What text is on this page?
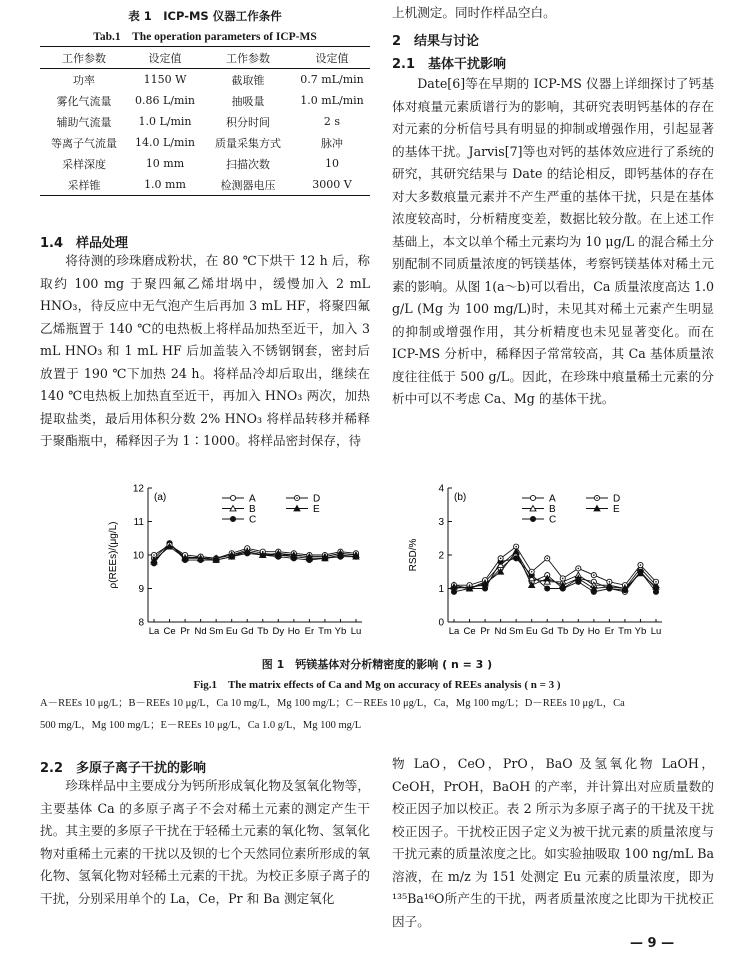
表 1　ICP-MS 仪器工作条件
Tab.1　The operation parameters of ICP-MS
工作参数	设定值	工作参数	设定值

功率	1150 W	截取锥	0.7 mL/min
雾化气流量	0.86 L/min	抽吸量	1.0 mL/min
辅助气流量	1.0 L/min	积分时间	2 s
等离子气流量	14.0 L/min	质量采集方式	脉冲
采样深度	10 mm	扫描次数	10
采样锥	1.0 mm	检测器电压	3000 V
1.4　样品处理

将待测的珍珠磨成粉状，在 80 ℃下烘干 12 h 后，称取约 100 mg 于聚四氟乙烯坩埚中，缓慢加入 2 mL HNO₃，待反应中无气泡产生后再加 3 mL HF，将聚四氟乙烯瓶置于 140 ℃的电热板上将样品加热至近干，加入 3 mL HNO₃ 和 1 mL HF 后加盖装入不锈钢钢套，密封后放置于 190 ℃下加热 24 h。将样品冷却后取出，继续在 140 ℃电热板上加热直至近干，再加入 HNO₃ 两次，加热提取盐类，最后用体积分数 2% HNO₃ 将样品转移并稀释于聚酯瓶中，稀释因子为 1∶1000。将样品密封保存，待

上机测定。同时作样品空白。
2　结果与讨论
2.1　基体干扰影响

Date[6]等在早期的 ICP-MS 仪器上详细探讨了钙基体对痕量元素质谱行为的影响，其研究表明钙基体的存在对元素的分析信号具有明显的抑制或增强作用，引起显著的基体干扰。Jarvis[7]等也对钙的基体效应进行了系统的研究，其研究结果与 Date 的结论相反，即钙基体的存在对大多数痕量元素并不产生严重的基体干扰，只是在基体浓度较高时，分析精度变差，数据比较分散。在上述工作基础上，本文以单个稀土元素均为 10 μg/L 的混合稀土分别配制不同质量浓度的钙镁基体，考察钙镁基体对稀土元素的影响。从图 1(a～b)可以看出，Ca 质量浓度高达 1.0 g/L (Mg 为 100 mg/L)时，未见其对稀土元素产生明显的抑制或增强作用，其分析精度也未见显著变化。而在 ICP-MS 分析中，稀释因子常常较高，其 Ca 基体质量浓度往往低于 500 g/L。因此，在珍珠中痕量稀土元素的分析中可以不考虑 Ca、Mg 的基体干扰。

8
9
10
11
12
La Ce Pr Nd Sm Eu Gd Tb Dy Ho Er Tm Yb Lu
ρ(REEs)/(μg/L)
(a)	A
B
C
D
E
0
1
2
3
4
La Ce Pr Nd Sm Eu Gd Tb Dy Ho Er Tm Yb Lu
RSD/%
(b)	A
B
C
D
E
图 1　钙镁基体对分析精密度的影响 ( n = 3 )
Fig.1　The matrix effects of Ca and Mg on accuracy of REEs analysis ( n = 3 )
A－REEs 10 μg/L；B－REEs 10 μg/L，Ca 10 mg/L，Mg 100 mg/L；C－REEs 10 μg/L，Ca，Mg 100 mg/L；D－REEs 10 μg/L，Ca
500 mg/L，Mg 100 mg/L；E－REEs 10 μg/L，Ca 1.0 g/L，Mg 100 mg/L
2.2　多原子离子干扰的影响

珍珠样品中主要成分为钙所形成氧化物及氢氧化物等，主要基体 Ca 的多原子离子不会对稀土元素的测定产生干扰。其主要的多原子干扰在于轻稀土元素的氧化物、氢氧化物对重稀土元素的干扰以及钡的七个天然同位素所形成的氧化物、氢氧化物对轻稀土元素的干扰。为校正多原子离子的干扰，分别采用单个的 La，Ce，Pr 和 Ba 测定氧化

物 LaO，CeO，PrO，BaO 及氢氧化物 LaOH，CeOH，PrOH，BaOH 的产率，并计算出对应质量数的校正因子加以校正。表 2 所示为多原子离子的干扰及干扰校正因子。干扰校正因子定义为被干扰元素的质量浓度与干扰元素的质量浓度之比。如实验抽吸取 100 ng/mL Ba 溶液，在 m/z 为 151 处测定 Eu 元素的质量浓度，即为¹³⁵Ba¹⁶O所产生的干扰，两者质量浓度之比即为干扰校正因子。
— 9 —
